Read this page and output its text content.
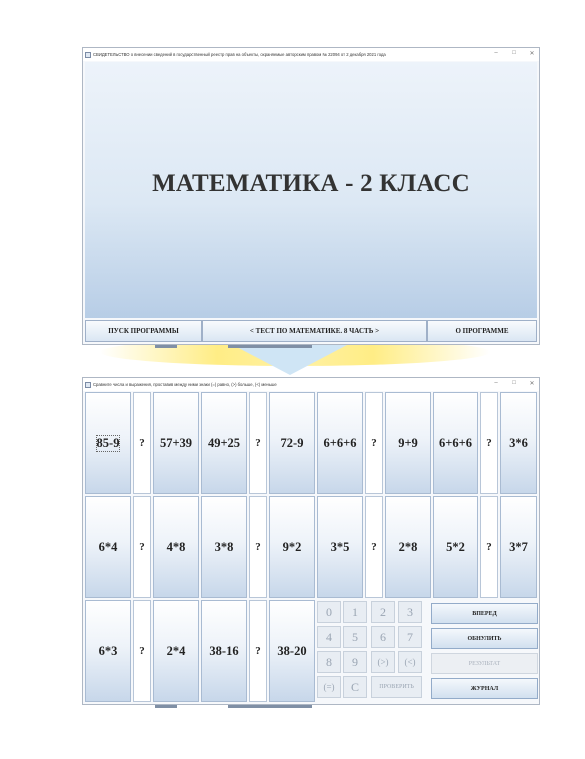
СВИДЕТЕЛЬСТВО о внесении сведений в государственный реестр прав на объекты, охраняемые авторским правом № 22094 от 2 декабря 2021 года	– □ ✕
МАТЕМАТИКА - 2 КЛАСС
ПУСК ПРОГРАММЫ	< ТЕСТ ПО МАТЕМАТИКЕ. 8 ЧАСТЬ >	О ПРОГРАММЕ
Сравните числа и выражения, проставив между ними знаки (=) равно, (>) больше, (<) меньше	– □ ✕
85-9	?	57+39	49+25	?	72-9	6+6+6	?	9+9	6+6+6	?	3*6
6*4	?	4*8	3*8	?	9*2	3*5	?	2*8	5*2	?	3*7
6*3	?	2*4	38-16	?	38-20
0	1	2	3
4	5	6	7
8	9	(>)	(<)
(=)	C	ПРОВЕРИТЬ
ВПЕРЕД
ОБНУЛИТЬ
РЕЗУЛЬТАТ
ЖУРНАЛ
